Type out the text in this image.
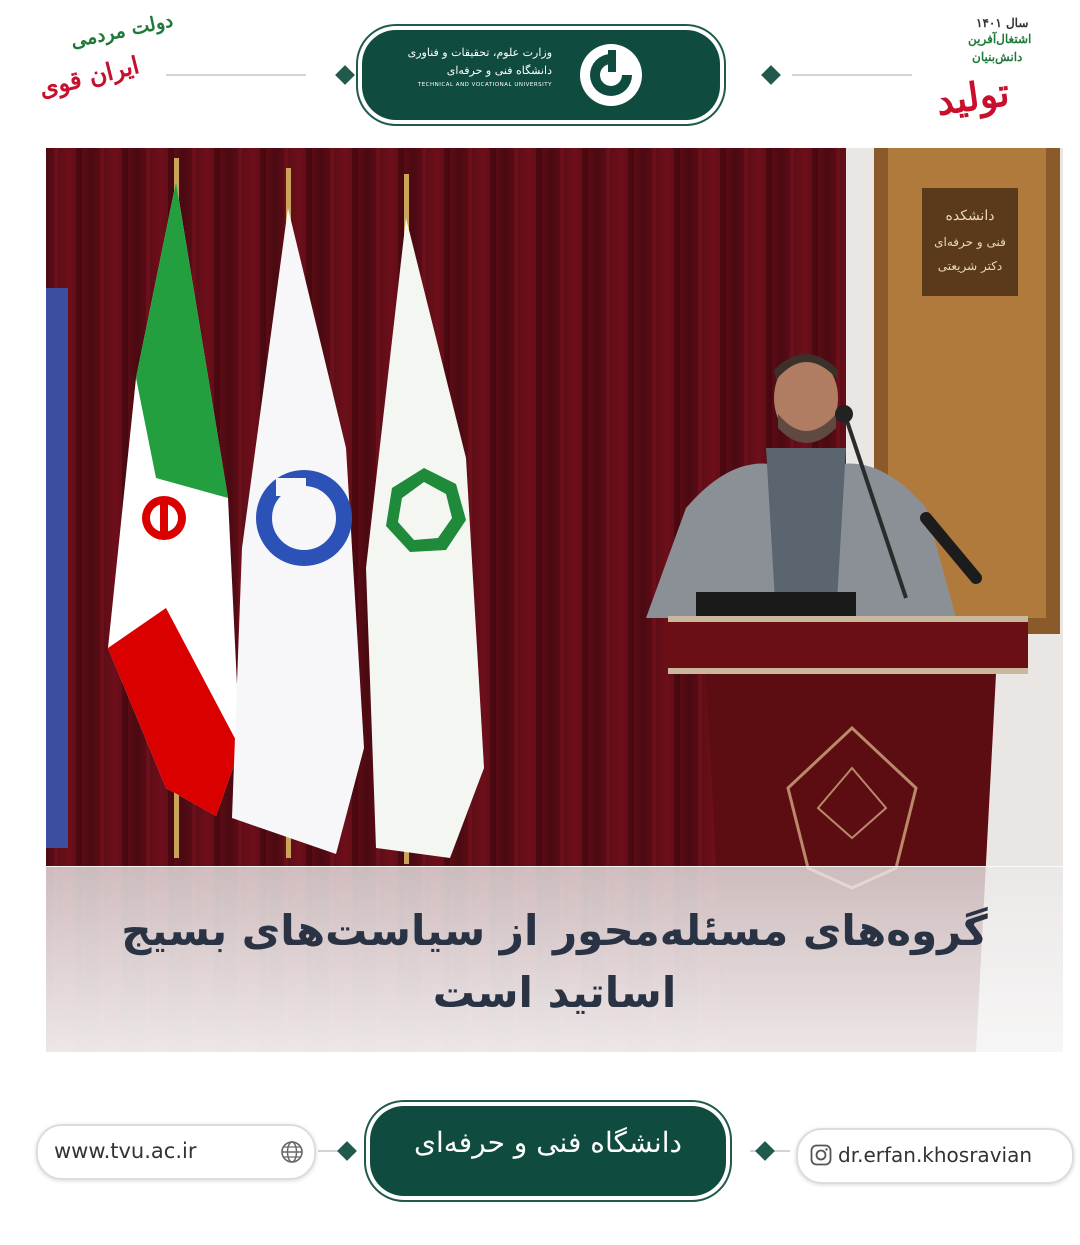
دولت مردمی
ایران قوی	وزارت علوم، تحقیقات و فناوری
دانشگاه فنی و حرفه‌ای
TECHNICAL AND VOCATIONAL UNIVERSITY
سال ۱۴۰۱
تولید
دانش‌بنیان
اشتغال‌آفرین
دانشکده
فنی و حرفه‌ای
دکتر شریعتی
گروه‌های مسئله‌محور از سیاست‌های بسیج
اساتید است
www.tvu.ac.ir	دانشگاه فنی و حرفه‌ای	dr.erfan.khosravian
